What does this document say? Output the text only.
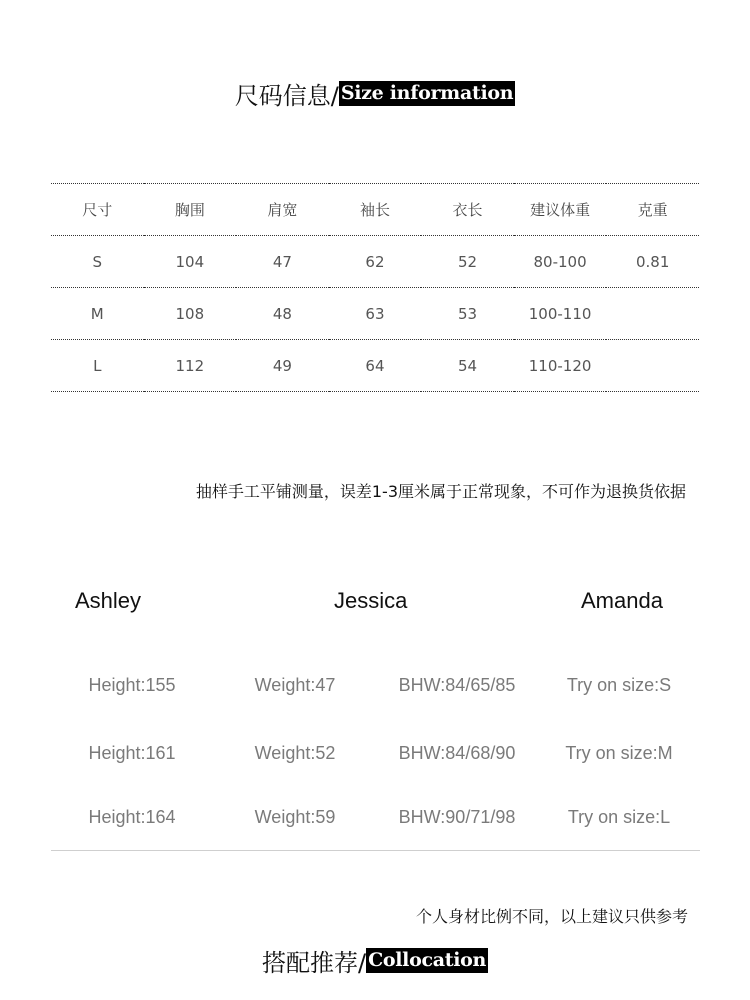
尺码信息/ Size information
尺寸	胸围	肩宽	袖长	衣长	建议体重	克重
S	104	47	62	52	80-100	0.81
M	108	48	63	53	100-110	
L	112	49	64	54	110-120	
抽样手工平铺测量，误差1-3厘米属于正常现象，不可作为退换货依据
Ashley	Jessica	Amanda
Height:155	Weight:47	BHW:84/65/85	Try on size:S
Height:161	Weight:52	BHW:84/68/90	Try on size:M
Height:164	Weight:59	BHW:90/71/98	Try on size:L
个人身材比例不同，以上建议只供参考
搭配推荐/ Collocation
